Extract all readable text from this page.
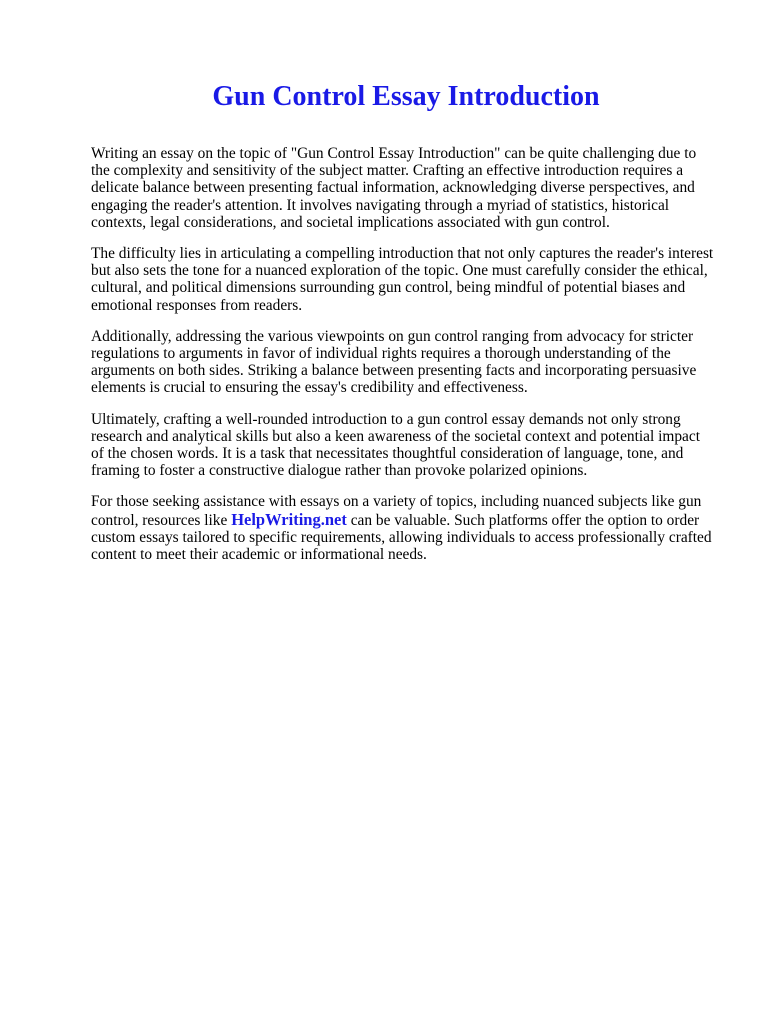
Gun Control Essay Introduction

Writing an essay on the topic of "Gun Control Essay Introduction" can be quite challenging due to
the complexity and sensitivity of the subject matter. Crafting an effective introduction requires a
delicate balance between presenting factual information, acknowledging diverse perspectives, and
engaging the reader's attention. It involves navigating through a myriad of statistics, historical
contexts, legal considerations, and societal implications associated with gun control.

The difficulty lies in articulating a compelling introduction that not only captures the reader's interest
but also sets the tone for a nuanced exploration of the topic. One must carefully consider the ethical,
cultural, and political dimensions surrounding gun control, being mindful of potential biases and
emotional responses from readers.

Additionally, addressing the various viewpoints on gun control ranging from advocacy for stricter
regulations to arguments in favor of individual rights requires a thorough understanding of the
arguments on both sides. Striking a balance between presenting facts and incorporating persuasive
elements is crucial to ensuring the essay's credibility and effectiveness.

Ultimately, crafting a well-rounded introduction to a gun control essay demands not only strong
research and analytical skills but also a keen awareness of the societal context and potential impact
of the chosen words. It is a task that necessitates thoughtful consideration of language, tone, and
framing to foster a constructive dialogue rather than provoke polarized opinions.

For those seeking assistance with essays on a variety of topics, including nuanced subjects like gun
control, resources like HelpWriting.net can be valuable. Such platforms offer the option to order
custom essays tailored to specific requirements, allowing individuals to access professionally crafted
content to meet their academic or informational needs.
